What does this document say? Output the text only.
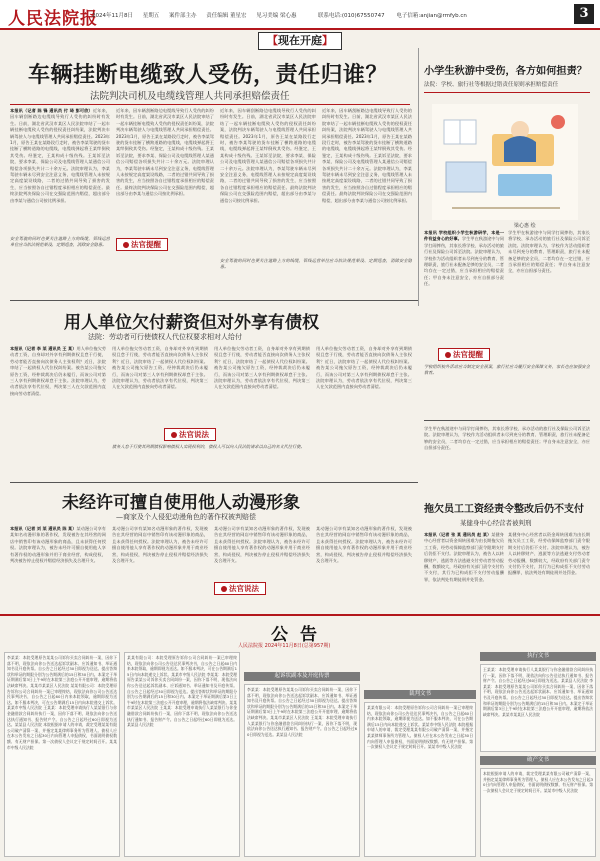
人民法院报
2024年11月8日 星期五 案件部主办 责任编辑 董星宏 见习美编 梁心惠	联系电话:(010)67550747 电子信箱:anjian@rmfyb.cn	3
【现在开庭】
车辆挂断电缆致人受伤，责任归谁？
法院判决司机及电缆线管理人共同承担赔偿责任
本报讯（记者 陈 锋 通讯员 付 琦 彭可欣）近年来，因车辆刮断路边电缆线导致行人受伤的纠纷时有发生。日前，湖北省武汉市某区人民法院审结了一起车辆挂断电缆致人受伤的侵权责任纠纷案，法院判决车辆驾驶人与电缆线管理人共同承担赔偿责任。2023年1月，原告王某在某路段行走时，被告李某驾驶的货车挂断了横跨道路的电缆线，电缆线弹起将王某绊倒致其受伤。经鉴定，王某构成十级伤残。王某诉至法院，要求李某、保险公司及电缆线管理人某通信公司赔偿各项损失共计二十余万元。法院审理认为，李某驾驶车辆未尽到安全注意义务，电缆线管理人未按规定高度架设线路，二者的过错共同导致了损害的发生，应当按照各自过错程度承担相应的赔偿责任。最终法院判决保险公司在交强险范围内赔偿，超出部分由李某与通信公司按比例承担。
近年来，因车辆刮断路边电缆线导致行人受伤的纠纷时有发生。日前，湖北省武汉市某区人民法院审结了一起车辆挂断电缆致人受伤的侵权责任纠纷案，法院判决车辆驾驶人与电缆线管理人共同承担赔偿责任。2023年1月，原告王某在某路段行走时，被告李某驾驶的货车挂断了横跨道路的电缆线，电缆线弹起将王某绊倒致其受伤。经鉴定，王某构成十级伤残。王某诉至法院，要求李某、保险公司及电缆线管理人某通信公司赔偿各项损失共计二十余万元。法院审理认为，李某驾驶车辆未尽到安全注意义务，电缆线管理人未按规定高度架设线路，二者的过错共同导致了损害的发生，应当按照各自过错程度承担相应的赔偿责任。最终法院判决保险公司在交强险范围内赔偿，超出部分由李某与通信公司按比例承担。
近年来，因车辆刮断路边电缆线导致行人受伤的纠纷时有发生。日前，湖北省武汉市某区人民法院审结了一起车辆挂断电缆致人受伤的侵权责任纠纷案，法院判决车辆驾驶人与电缆线管理人共同承担赔偿责任。2023年1月，原告王某在某路段行走时，被告李某驾驶的货车挂断了横跨道路的电缆线，电缆线弹起将王某绊倒致其受伤。经鉴定，王某构成十级伤残。王某诉至法院，要求李某、保险公司及电缆线管理人某通信公司赔偿各项损失共计二十余万元。法院审理认为，李某驾驶车辆未尽到安全注意义务，电缆线管理人未按规定高度架设线路，二者的过错共同导致了损害的发生，应当按照各自过错程度承担相应的赔偿责任。最终法院判决保险公司在交强险范围内赔偿，超出部分由李某与通信公司按比例承担。
近年来，因车辆刮断路边电缆线导致行人受伤的纠纷时有发生。日前，湖北省武汉市某区人民法院审结了一起车辆挂断电缆致人受伤的侵权责任纠纷案，法院判决车辆驾驶人与电缆线管理人共同承担赔偿责任。2023年1月，原告王某在某路段行走时，被告李某驾驶的货车挂断了横跨道路的电缆线，电缆线弹起将王某绊倒致其受伤。经鉴定，王某构成十级伤残。王某诉至法院，要求李某、保险公司及电缆线管理人某通信公司赔偿各项损失共计二十余万元。法院审理认为，李某驾驶车辆未尽到安全注意义务，电缆线管理人未按规定高度架设线路，二者的过错共同导致了损害的发生，应当按照各自过错程度承担相应的赔偿责任。最终法院判决保险公司在交强险范围内赔偿，超出部分由李某与通信公司按比例承担。
法官提醒
安全驾驶的同时也要关注道路上方的线缆，管线运营单位应当依法规范架设、定期巡查，消除安全隐患。
安全驾驶的同时也要关注道路上方的线缆，管线运营单位应当依法规范架设、定期巡查，消除安全隐患。
小学生秋游中受伤，各方如何担责？
法院：学校、旅行社等根据过错责任原则承担赔偿责任
梁心惠 绘
本报讯 学校组织小学生秋游研学，本是一件有益身心的好事。学生甲在秋游途中与同学打闹摔伤，其家长将学校、承办活动的旅行社及保险公司诉至法院。法院审理认为，学校作为活动组织者未尽到充分的教育、管理职责，旅行社未配备足够的安全员，二者均存在一定过错，应当承担相应的赔偿责任；甲自身未注意安全，亦应自担部分责任。
学生甲在秋游途中与同学打闹摔伤，其家长将学校、承办活动的旅行社及保险公司诉至法院。法院审理认为，学校作为活动组织者未尽到充分的教育、管理职责，旅行社未配备足够的安全员，二者均存在一定过错，应当承担相应的赔偿责任；甲自身未注意安全，亦应自担部分责任。
法官提醒
学校组织校外活动应当制定安全预案，旅行社应当履行安全保障义务，家长也应加强安全教育。
用人单位欠付薪资但对外享有债权
法院：劳动者可行使债权人代位权要求相对人给付
本报讯（记者 李 某 通讯员 王 某）用人单位拖欠劳动者工资，自身却对外享有到期债权且怠于行使，劳动者能否直接向次债务人主张权利？近日，法院审结了一起债权人代位权纠纷案。被告某公司拖欠原告工资，经仲裁裁决后仍未履行，而该公司对第三人享有到期债权却怠于主张。法院审理认为，劳动者依法享有代位权，判决第三人在欠款范围内直接向劳动者清偿。
用人单位拖欠劳动者工资，自身却对外享有到期债权且怠于行使，劳动者能否直接向次债务人主张权利？近日，法院审结了一起债权人代位权纠纷案。被告某公司拖欠原告工资，经仲裁裁决后仍未履行，而该公司对第三人享有到期债权却怠于主张。法院审理认为，劳动者依法享有代位权，判决第三人在欠款范围内直接向劳动者清偿。
用人单位拖欠劳动者工资，自身却对外享有到期债权且怠于行使，劳动者能否直接向次债务人主张权利？近日，法院审结了一起债权人代位权纠纷案。被告某公司拖欠原告工资，经仲裁裁决后仍未履行，而该公司对第三人享有到期债权却怠于主张。法院审理认为，劳动者依法享有代位权，判决第三人在欠款范围内直接向劳动者清偿。
用人单位拖欠劳动者工资，自身却对外享有到期债权且怠于行使，劳动者能否直接向次债务人主张权利？近日，法院审结了一起债权人代位权纠纷案。被告某公司拖欠原告工资，经仲裁裁决后仍未履行，而该公司对第三人享有到期债权却怠于主张。法院审理认为，劳动者依法享有代位权，判决第三人在欠款范围内直接向劳动者清偿。
法官说法
债务人怠于行使其到期债权影响债权人实现权利的，债权人可以向人民法院请求以自己的名义代位行使。
未经许可擅自使用他人动漫形象
—商家及个人侵犯动漫角色的著作权被判赔偿
本报讯（记者 刘 某 通讯员 陈 某）某动漫公司享有某知名动漫形象的著作权，发现被告在其经营的网店中销售印有该动漫形象的商品，且未获得任何授权。法院审理认为，被告未经许可擅自使用他人享有著作权的动漫形象并用于商业经营，构成侵权，判决被告停止侵权并赔偿经济损失及合理开支。
某动漫公司享有某知名动漫形象的著作权，发现被告在其经营的网店中销售印有该动漫形象的商品，且未获得任何授权。法院审理认为，被告未经许可擅自使用他人享有著作权的动漫形象并用于商业经营，构成侵权，判决被告停止侵权并赔偿经济损失及合理开支。
某动漫公司享有某知名动漫形象的著作权，发现被告在其经营的网店中销售印有该动漫形象的商品，且未获得任何授权。法院审理认为，被告未经许可擅自使用他人享有著作权的动漫形象并用于商业经营，构成侵权，判决被告停止侵权并赔偿经济损失及合理开支。
某动漫公司享有某知名动漫形象的著作权，发现被告在其经营的网店中销售印有该动漫形象的商品，且未获得任何授权。法院审理认为，被告未经许可擅自使用他人享有著作权的动漫形象并用于商业经营，构成侵权，判决被告停止侵权并赔偿经济损失及合理开支。
法官说法
拖欠员工工资经责令整改后仍不支付
某健身中心经营者被判刑
学生甲在秋游途中与同学打闹摔伤，其家长将学校、承办活动的旅行社及保险公司诉至法院。法院审理认为，学校作为活动组织者未尽到充分的教育、管理职责，旅行社未配备足够的安全员，二者均存在一定过错，应当承担相应的赔偿责任；甲自身未注意安全，亦应自担部分责任。
本报讯（记者 张 某 通讯员 赵 某）某健身中心经营者以资金周转困难为由长期拖欠员工工资，经劳动保障监察部门责令限期支付后仍拒不支付。法院审理认为，被告人以转移财产、逃匿等方法逃避支付劳动者劳动报酬，数额较大，经政府有关部门责令支付仍不支付，其行为已构成拒不支付劳动报酬罪，依法判处有期徒刑并处罚金。
某健身中心经营者以资金周转困难为由长期拖欠员工工资，经劳动保障监察部门责令限期支付后仍拒不支付。法院审理认为，被告人以转移财产、逃匿等方法逃避支付劳动者劳动报酬，数额较大，经政府有关部门责令支付仍不支付，其行为已构成拒不支付劳动报酬罪，依法判处有期徒刑并处罚金。
公告
人民法院报 2024年11月8日(总第957期)
李某某：本院受理原告某某公司诉你买卖合同纠纷一案，因你下落不明，现依法向你公告送达起诉状副本、应诉通知书、举证通知书及开庭传票。自公告之日起经过30日即视为送达。提出答辩状和举证的期限分别为公告期满后的15日和30日内。本案定于举证期满后第3日上午9时在本院第三法庭公开开庭审理，逾期将依法缺席判决。某某市某某区人民法院 某某有限公司：本院受理原告诉你公司合同纠纷一案已审理终结，现依法向你公司公告送达民事判决书，自公告之日起60日内来本院领取，逾期即视为送达。如不服本判决，可在公告期满后15日内向本院递交上诉状。某某市中级人民法院 王某某：本院受理申请执行人某某银行与你金融借款合同纠纷执行一案，因你下落不明，现依法向你公告送达执行通知书、报告财产令。自公告之日起经过60日即视为送达。某某县人民法院 本院根据申请人的申请，裁定受理某某有限公司破产清算一案，并指定某某律师事务所为管理人。债权人应在本公告发布之日起30日内向管理人申报债权，书面说明债权数额、有无财产担保。第一次债权人会议定于规定时间召开。某某市中级人民法院
某某有限公司：本院受理原告诉你公司合同纠纷一案已审理终结，现依法向你公司公告送达民事判决书，自公告之日起60日内来本院领取，逾期即视为送达。如不服本判决，可在公告期满后15日内向本院递交上诉状。某某市中级人民法院 李某某：本院受理原告某某公司诉你买卖合同纠纷一案，因你下落不明，现依法向你公告送达起诉状副本、应诉通知书、举证通知书及开庭传票。自公告之日起经过30日即视为送达。提出答辩状和举证的期限分别为公告期满后的15日和30日内。本案定于举证期满后第3日上午9时在本院第三法庭公开开庭审理，逾期将依法缺席判决。某某市某某区人民法院 王某某：本院受理申请执行人某某银行与你金融借款合同纠纷执行一案，因你下落不明，现依法向你公告送达执行通知书、报告财产令。自公告之日起经过60日即视为送达。某某县人民法院
起诉状副本及开庭传票
李某某：本院受理原告某某公司诉你买卖合同纠纷一案，因你下落不明，现依法向你公告送达起诉状副本、应诉通知书、举证通知书及开庭传票。自公告之日起经过30日即视为送达。提出答辩状和举证的期限分别为公告期满后的15日和30日内。本案定于举证期满后第3日上午9时在本院第三法庭公开开庭审理，逾期将依法缺席判决。某某市某某区人民法院 王某某：本院受理申请执行人某某银行与你金融借款合同纠纷执行一案，因你下落不明，现依法向你公告送达执行通知书、报告财产令。自公告之日起经过60日即视为送达。某某县人民法院
裁判文书
某某有限公司：本院受理原告诉你公司合同纠纷一案已审理终结，现依法向你公司公告送达民事判决书，自公告之日起60日内来本院领取，逾期即视为送达。如不服本判决，可在公告期满后15日内向本院递交上诉状。某某市中级人民法院 本院根据申请人的申请，裁定受理某某有限公司破产清算一案，并指定某某律师事务所为管理人。债权人应在本公告发布之日起30日内向管理人申报债权，书面说明债权数额、有无财产担保。第一次债权人会议定于规定时间召开。某某市中级人民法院
执行文书
王某某：本院受理申请执行人某某银行与你金融借款合同纠纷执行一案，因你下落不明，现依法向你公告送达执行通知书、报告财产令。自公告之日起经过60日即视为送达。某某县人民法院 李某某：本院受理原告某某公司诉你买卖合同纠纷一案，因你下落不明，现依法向你公告送达起诉状副本、应诉通知书、举证通知书及开庭传票。自公告之日起经过30日即视为送达。提出答辩状和举证的期限分别为公告期满后的15日和30日内。本案定于举证期满后第3日上午9时在本院第三法庭公开开庭审理，逾期将依法缺席判决。某某市某某区人民法院
破产文书
本院根据申请人的申请，裁定受理某某有限公司破产清算一案，并指定某某律师事务所为管理人。债权人应在本公告发布之日起30日内向管理人申报债权，书面说明债权数额、有无财产担保。第一次债权人会议定于规定时间召开。某某市中级人民法院
